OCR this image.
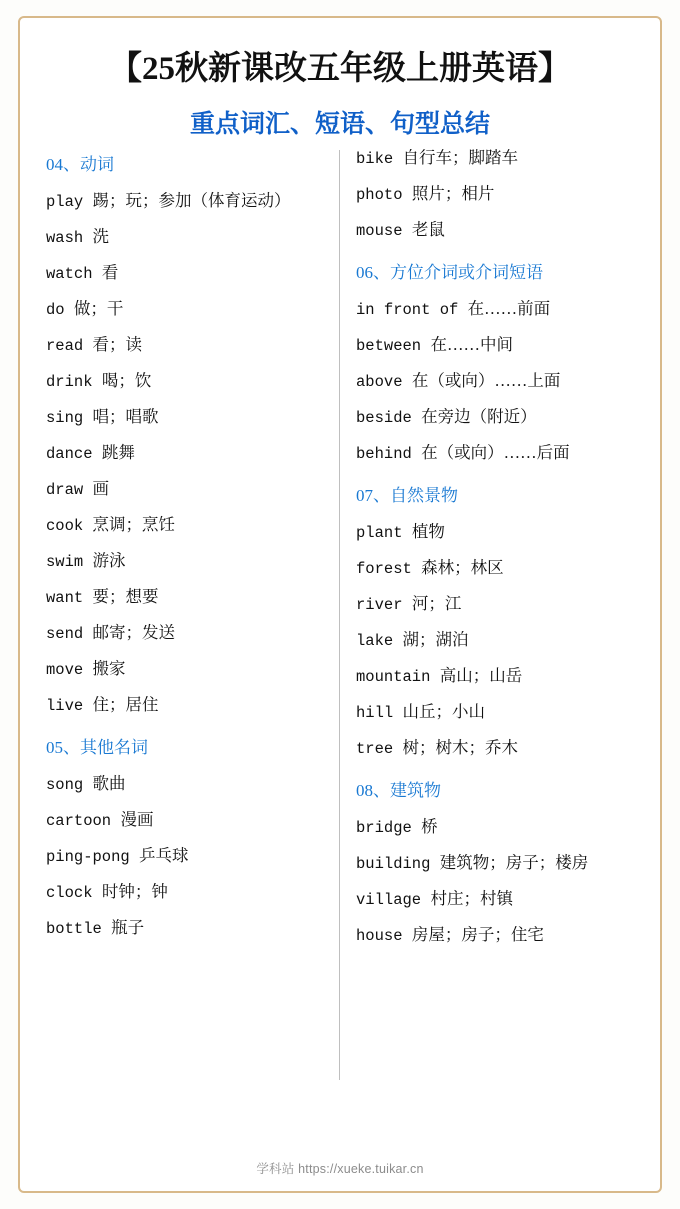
【25秋新课改五年级上册英语】
重点词汇、短语、句型总结
04、动词
play 踢；玩；参加（体育运动）
wash 洗
watch 看
do 做；干
read 看；读
drink 喝；饮
sing 唱；唱歌
dance 跳舞
draw 画
cook 烹调；烹饪
swim 游泳
want 要；想要
send 邮寄；发送
move 搬家
live 住；居住
05、其他名词
song 歌曲
cartoon 漫画
ping-pong 乒乓球
clock 时钟；钟
bottle 瓶子
bike 自行车；脚踏车
photo 照片；相片
mouse 老鼠
06、方位介词或介词短语
in front of 在……前面
between 在……中间
above 在（或向）……上面
beside 在旁边（附近）
behind 在（或向）……后面
07、自然景物
plant 植物
forest 森林；林区
river 河；江
lake 湖；湖泊
mountain 高山；山岳
hill 山丘；小山
tree 树；树木；乔木
08、建筑物
bridge 桥
building 建筑物；房子；楼房
village 村庄；村镇
house 房屋；房子；住宅
学科站 https://xueke.tuikar.cn
